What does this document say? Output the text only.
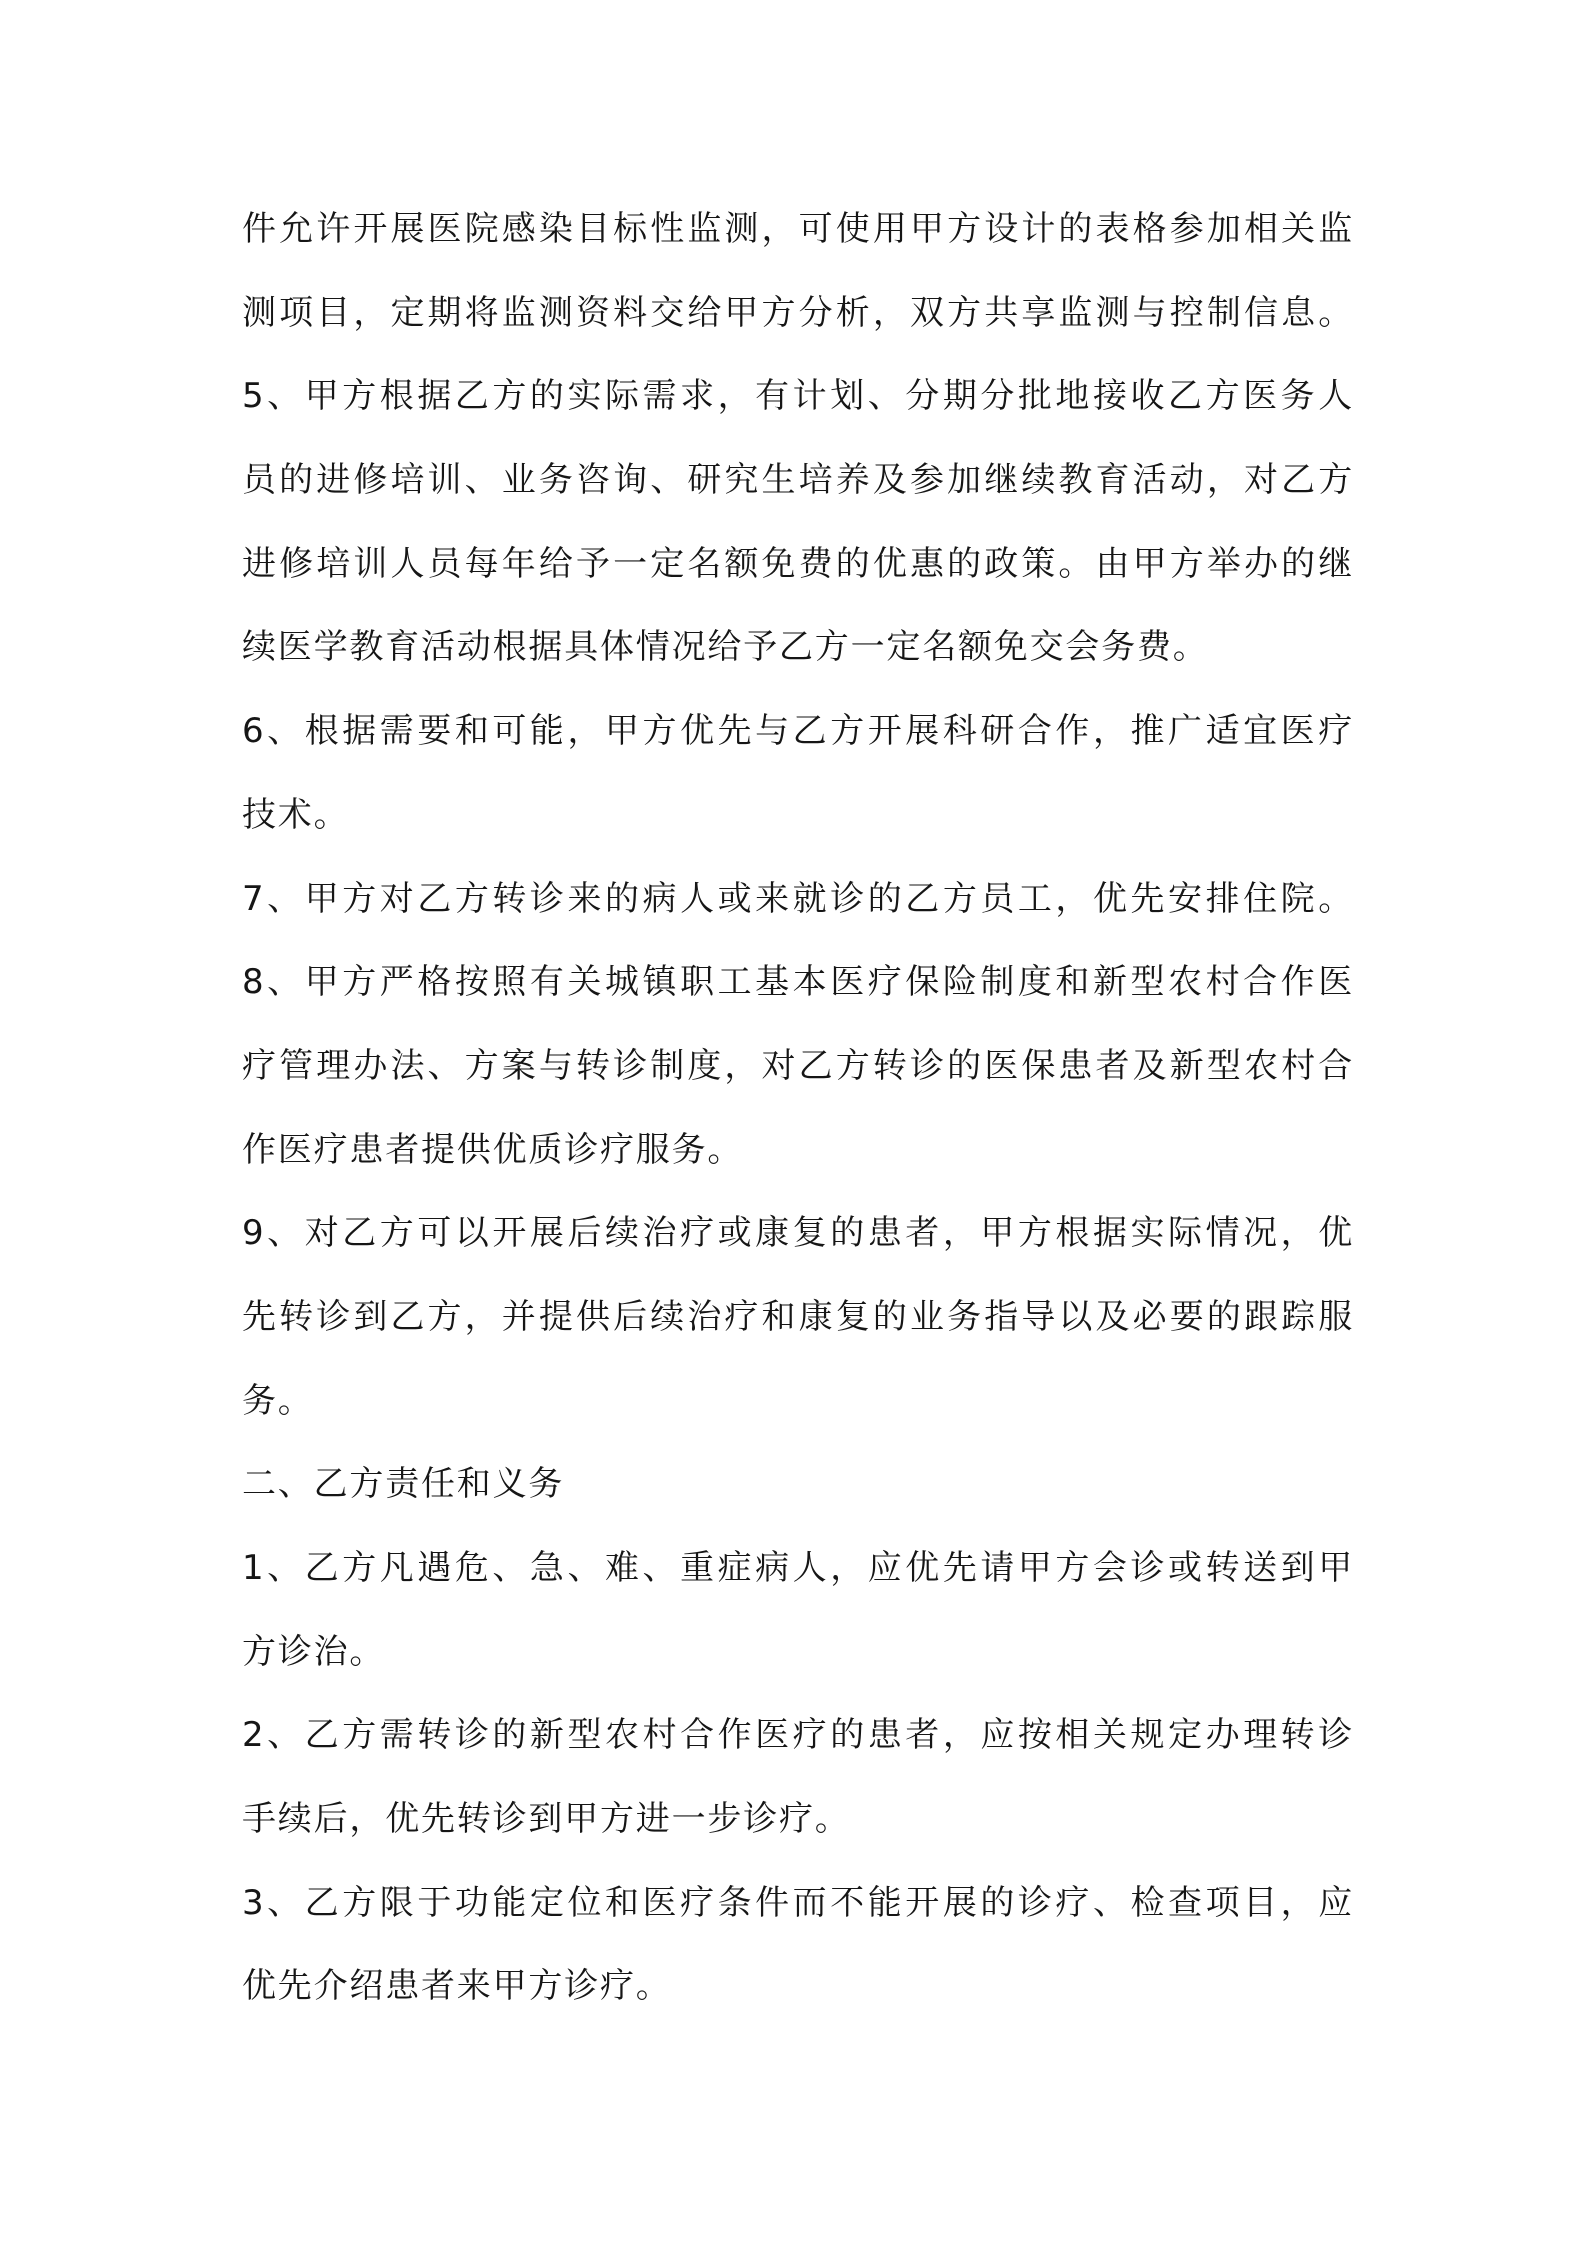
件允许开展医院感染目标性监测，可使用甲方设计的表格参加相关监
测项目，定期将监测资料交给甲方分析，双方共享监测与控制信息。
5、甲方根据乙方的实际需求，有计划、分期分批地接收乙方医务人
员的进修培训、业务咨询、研究生培养及参加继续教育活动，对乙方
进修培训人员每年给予一定名额免费的优惠的政策。由甲方举办的继
续医学教育活动根据具体情况给予乙方一定名额免交会务费。
6、根据需要和可能，甲方优先与乙方开展科研合作，推广适宜医疗
技术。
7、甲方对乙方转诊来的病人或来就诊的乙方员工，优先安排住院。
8、甲方严格按照有关城镇职工基本医疗保险制度和新型农村合作医
疗管理办法、方案与转诊制度，对乙方转诊的医保患者及新型农村合
作医疗患者提供优质诊疗服务。
9、对乙方可以开展后续治疗或康复的患者，甲方根据实际情况，优
先转诊到乙方，并提供后续治疗和康复的业务指导以及必要的跟踪服
务。
二、乙方责任和义务
1、乙方凡遇危、急、难、重症病人，应优先请甲方会诊或转送到甲
方诊治。
2、乙方需转诊的新型农村合作医疗的患者，应按相关规定办理转诊
手续后，优先转诊到甲方进一步诊疗。
3、乙方限于功能定位和医疗条件而不能开展的诊疗、检查项目，应
优先介绍患者来甲方诊疗。
